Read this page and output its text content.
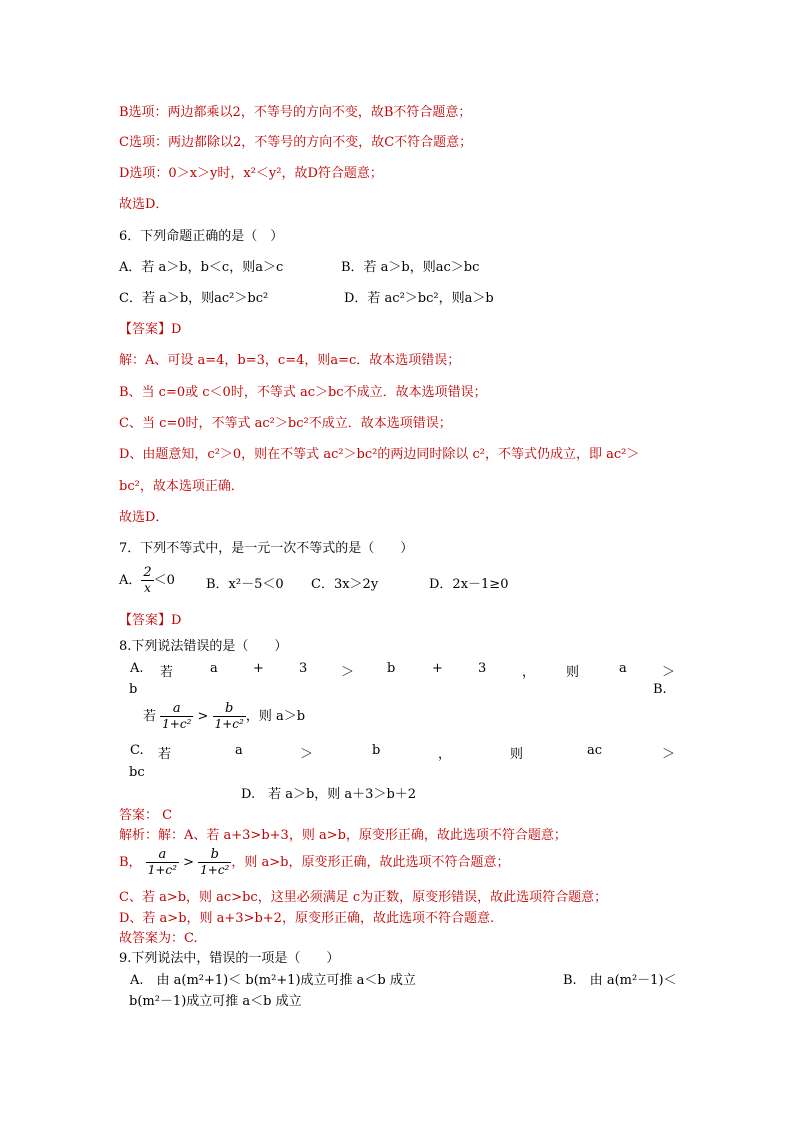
B选项：两边都乘以2，不等号的方向不变，故B不符合题意；
C选项：两边都除以2，不等号的方向不变，故C不符合题意；
D选项：0＞x＞y时，x²＜y²，故D符合题意；
故选D．
6．下列命题正确的是（　）
A．若 a＞b，b＜c，则a＞c	B．若 a＞b，则ac＞bc
C．若 a＞b，则ac²＞bc²	D．若 ac²＞bc²，则a＞b
【答案】D
解：A、可设 a=4，b=3，c=4，则a=c．故本选项错误；
B、当 c=0或 c＜0时，不等式 ac＞bc不成立．故本选项错误；
C、当 c=0时，不等式 ac²＞bc²不成立．故本选项错误；
D、由题意知，c²＞0，则在不等式 ac²＞bc²的两边同时除以 c²，不等式仍成立，即 ac²＞
bc²，故本选项正确．
故选D．
7．下列不等式中，是一元一次不等式的是（　　）
A． $\frac{2}{x} <0$ B．x²－5＜0 C．3x＞2y	D．2x－1≥0
【答案】D
8.下列说法错误的是（　　）
A. 若	a	+	3	＞	b	+	3	， 则	a	＞
b	B.
若 $\frac{a}{\text{1+c²}} > \frac{b}{\text{1+c²}}$ ，则 a＞b
C. 若	a	＞	b	，	则	ac	＞
bc
D.　若 a＞b，则 a＋3＞b＋2
答案： C
解析：解：A、若 a+3>b+3，则 a>b，原变形正确，故此选项不符合题意；
B， $\frac{a}{\text{1+c²}} > \frac{b}{\text{1+c²}}$ ，则 a>b，原变形正确，故此选项不符合题意；
C、若 a>b，则 ac>bc，这里必须满足 c为正数，原变形错误，故此选项符合题意；
D、若 a>b，则 a+3>b+2，原变形正确，故此选项不符合题意.
故答案为：C.
9.下列说法中，错误的一项是（　　）
A.　由 a(m²+1)＜ b(m²+1)成立可推 a＜b 成立	B.　由 a(m²－1)＜
b(m²－1)成立可推 a＜b 成立
